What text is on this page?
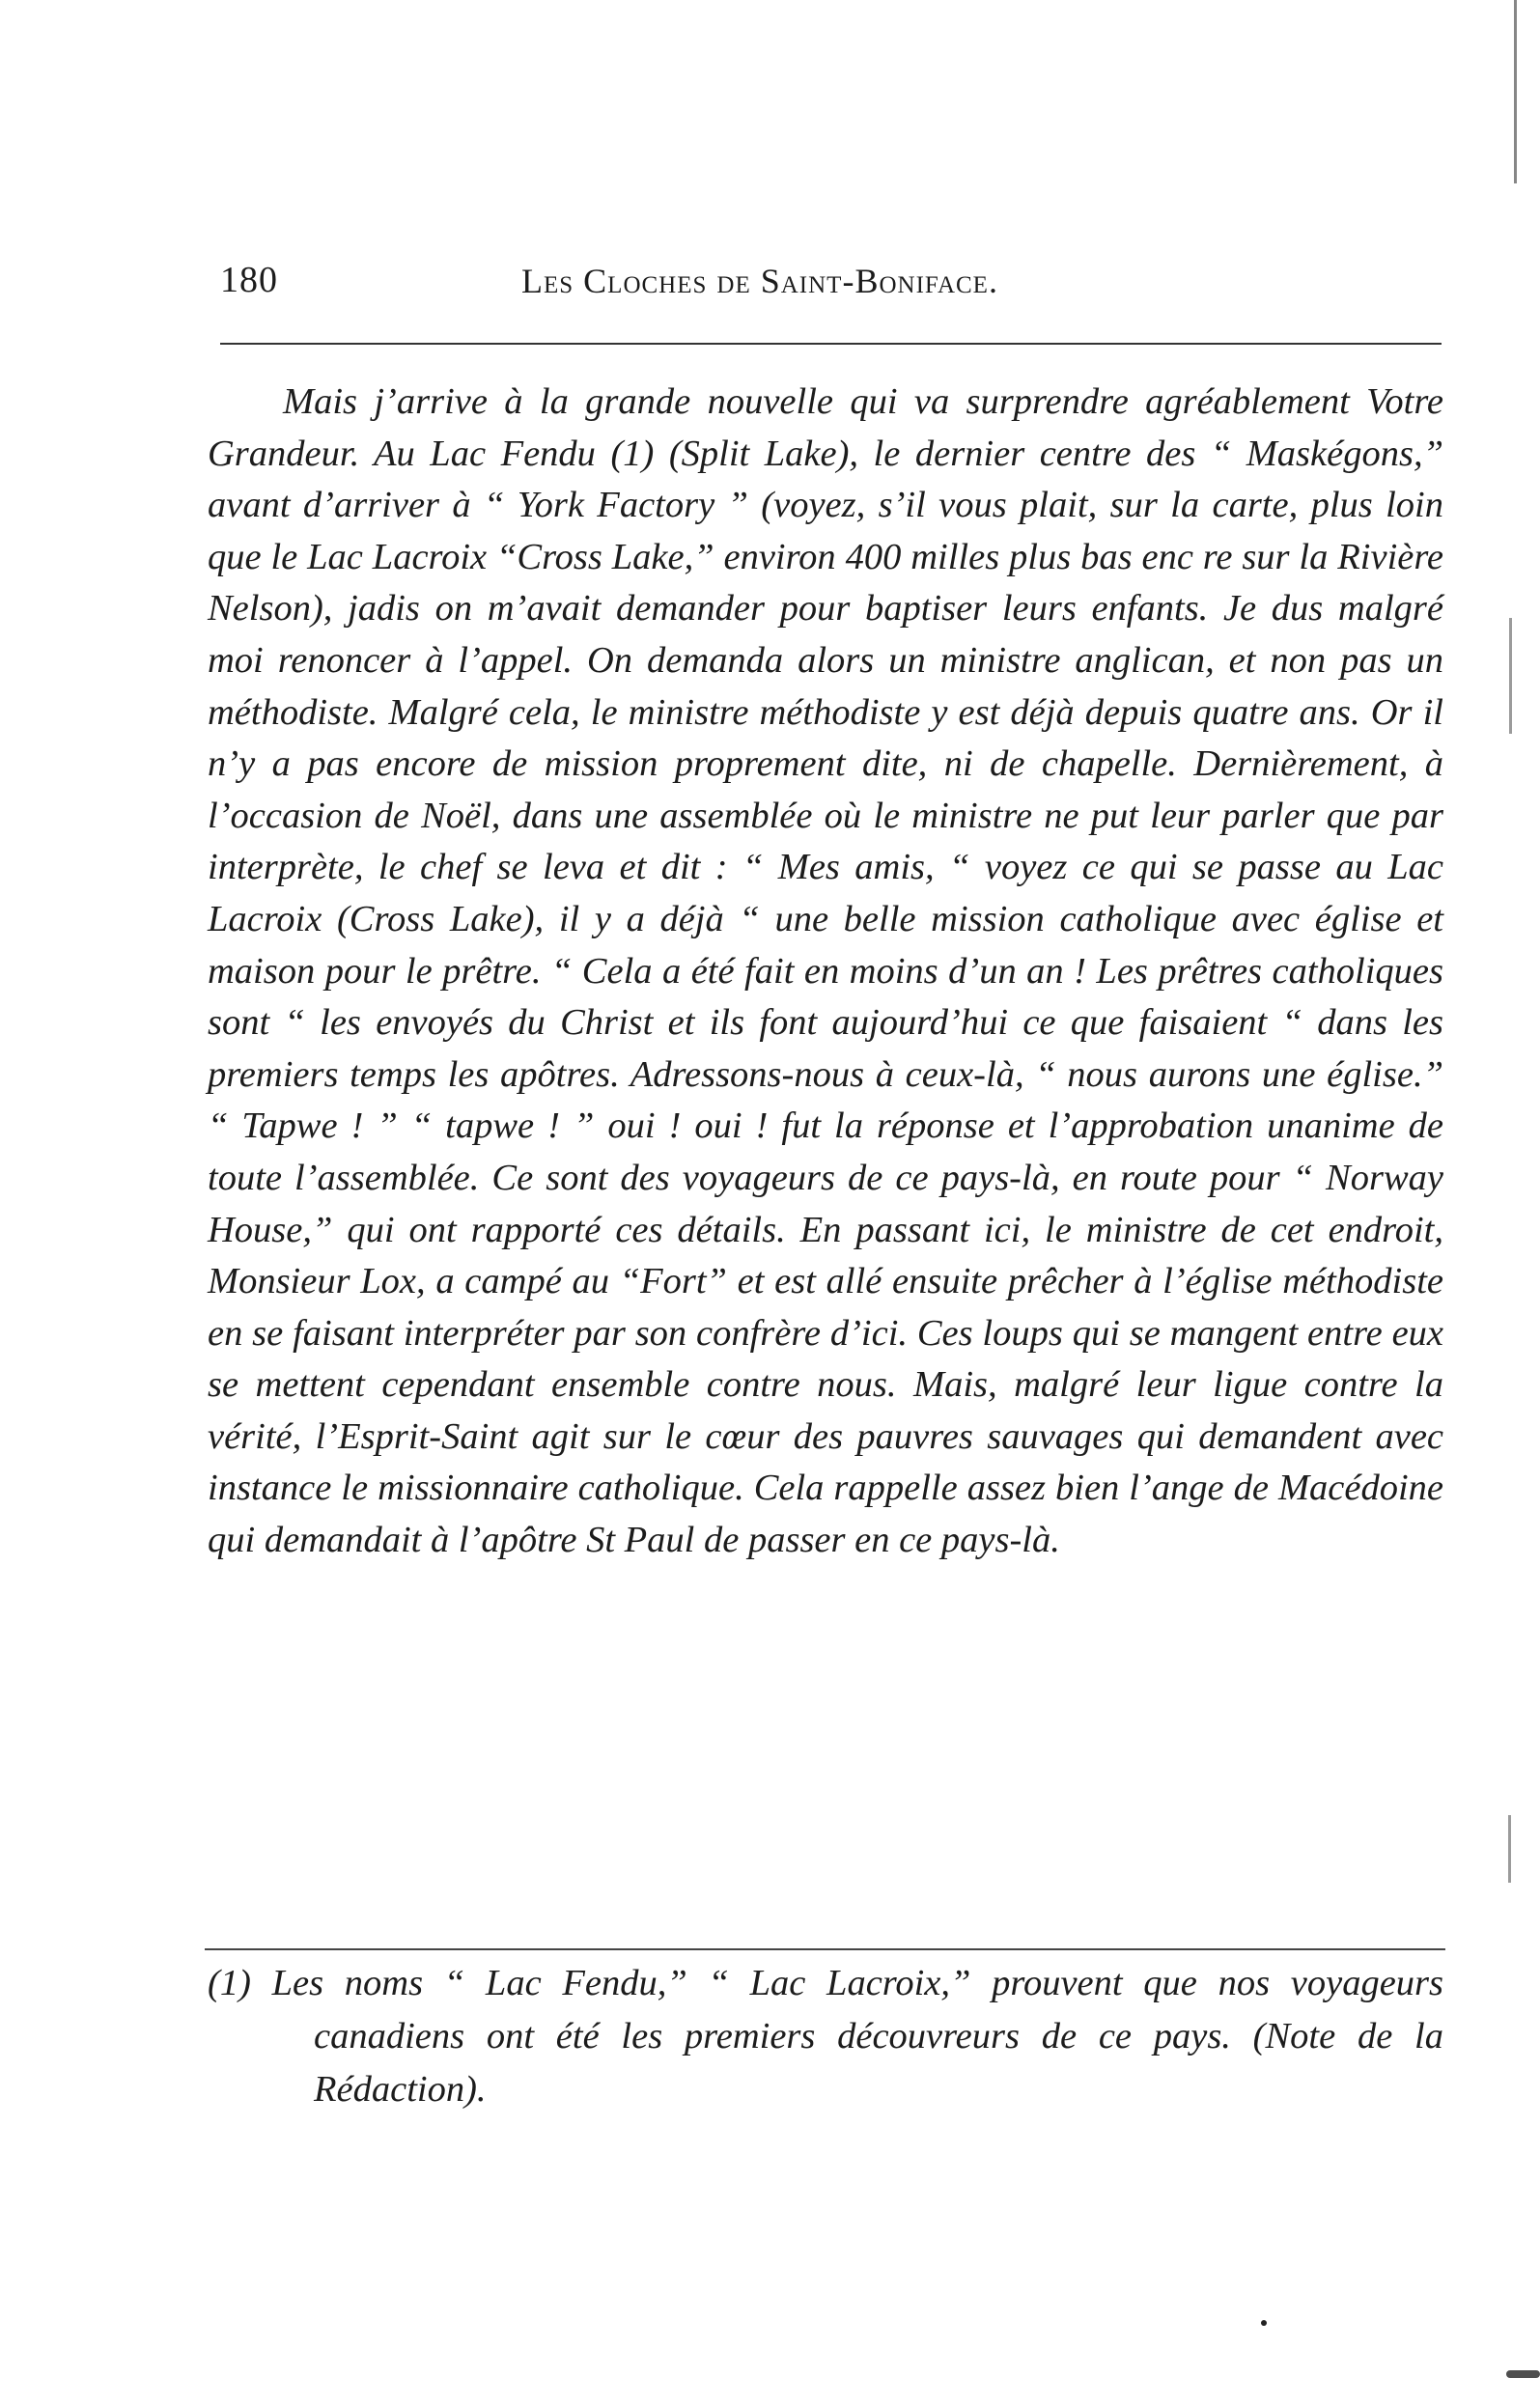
180	Les Cloches de Saint-Boniface.

Mais j’arrive à la grande nouvelle qui va surprendre agréablement Votre Grandeur. Au Lac Fendu (1) (Split Lake), le dernier centre des “ Maskégons,” avant d’arriver à “ York Factory ” (voyez, s’il vous plait, sur la carte, plus loin que le Lac Lacroix “Cross Lake,” environ 400 milles plus bas enc re sur la Rivière Nelson), jadis on m’avait demander pour baptiser leurs enfants. Je dus malgré moi renoncer à l’appel. On demanda alors un ministre anglican, et non pas un méthodiste. Malgré cela, le ministre méthodiste y est déjà depuis quatre ans. Or il n’y a pas encore de mission proprement dite, ni de chapelle. Dernièrement, à l’occasion de Noël, dans une assemblée où le ministre ne put leur parler que par interprète, le chef se leva et dit : “ Mes amis, “ voyez ce qui se passe au Lac Lacroix (Cross Lake), il y a déjà “ une belle mission catholique avec église et maison pour le prêtre. “ Cela a été fait en moins d’un an ! Les prêtres catholiques sont “ les envoyés du Christ et ils font aujourd’hui ce que faisaient “ dans les premiers temps les apôtres. Adressons-nous à ceux-là, “ nous aurons une église.” “ Tapwe ! ” “ tapwe ! ” oui ! oui ! fut la réponse et l’approbation unanime de toute l’assemblée. Ce sont des voyageurs de ce pays-là, en route pour “ Norway House,” qui ont rapporté ces détails. En passant ici, le ministre de cet endroit, Monsieur Lox, a campé au “Fort” et est allé ensuite prêcher à l’église méthodiste en se faisant interpréter par son confrère d’ici. Ces loups qui se mangent entre eux se mettent cependant ensemble contre nous. Mais, malgré leur ligue contre la vérité, l’Esprit-Saint agit sur le cœur des pauvres sauvages qui demandent avec instance le missionnaire catholique. Cela rappelle assez bien l’ange de Macédoine qui demandait à l’apôtre St Paul de passer en ce pays-là.

(1) Les noms “ Lac Fendu,” “ Lac Lacroix,” prouvent que nos voyageurs canadiens ont été les premiers découvreurs de ce pays. (Note de la Rédaction).
